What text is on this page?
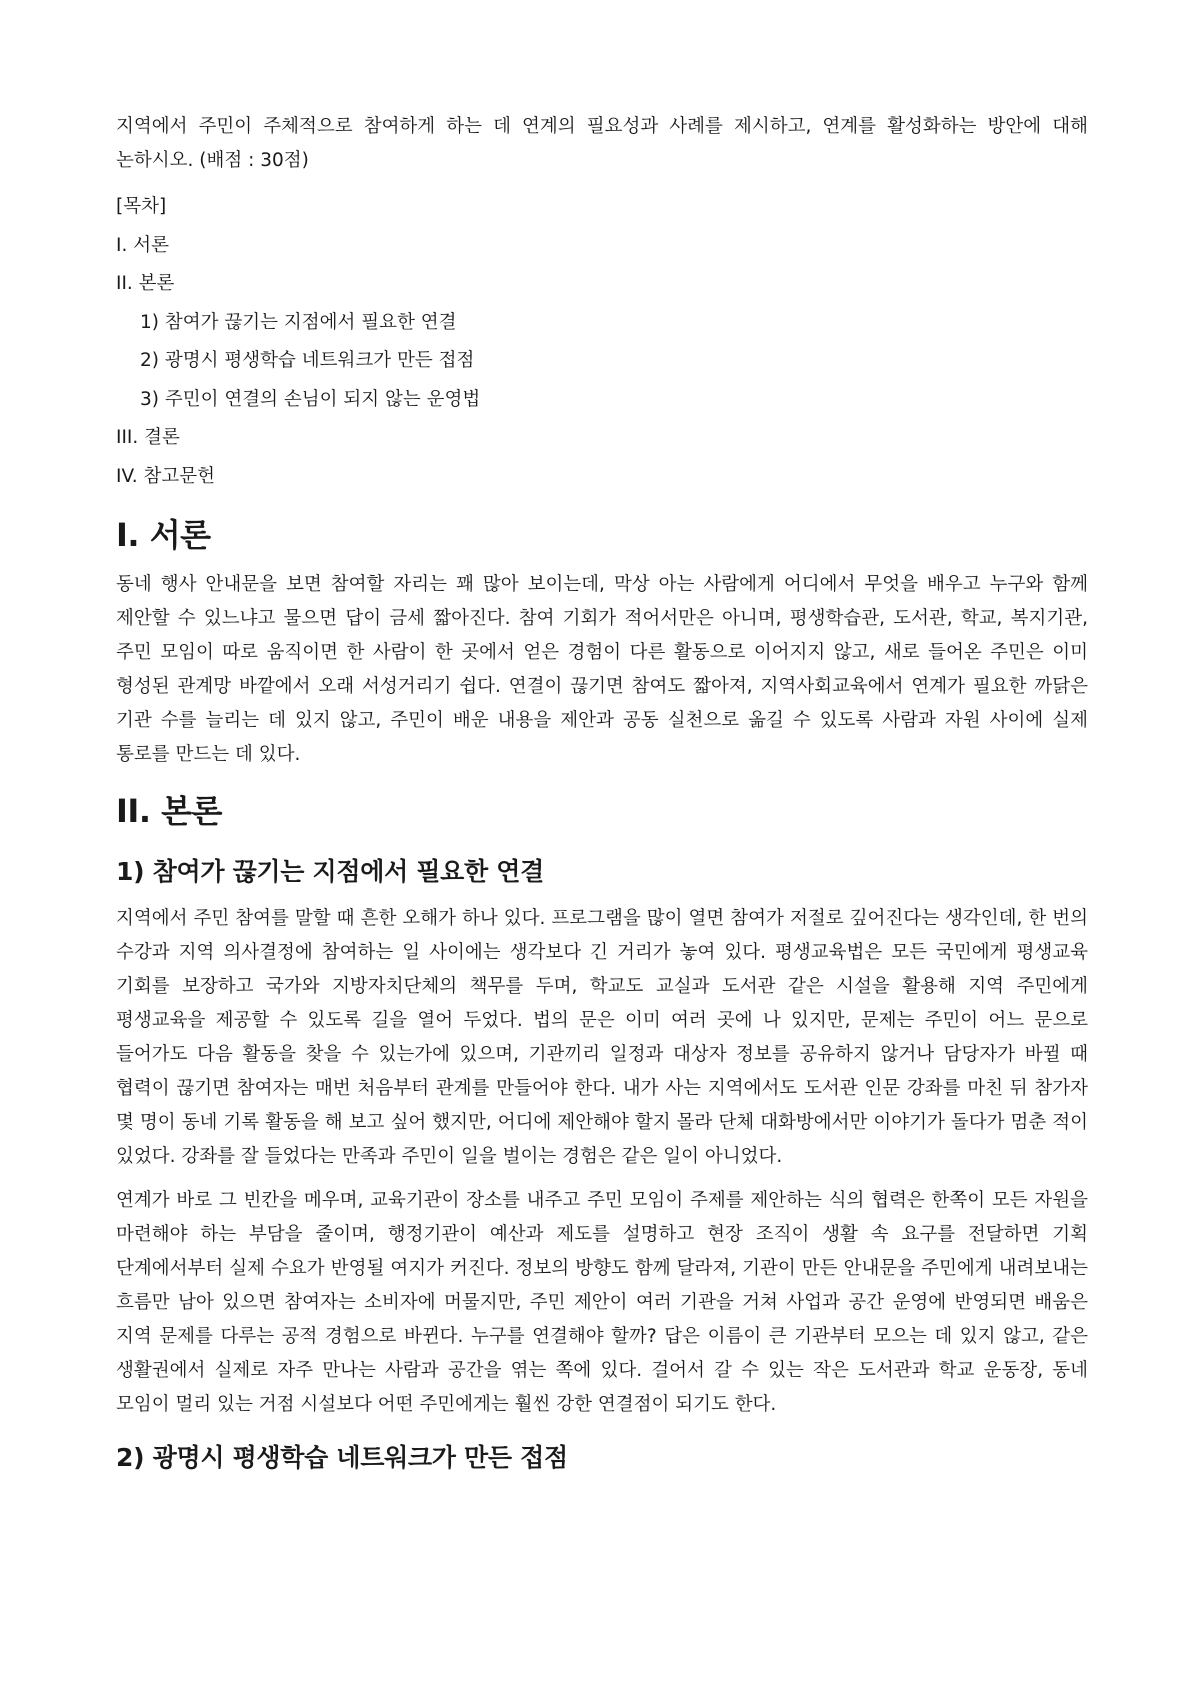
지역에서 주민이 주체적으로 참여하게 하는 데 연계의 필요성과 사례를 제시하고, 연계를 활성화하는 방안에 대해 논하시오. (배점 : 30점)

[목차]
I. 서론
II. 본론
1) 참여가 끊기는 지점에서 필요한 연결
2) 광명시 평생학습 네트워크가 만든 접점
3) 주민이 연결의 손님이 되지 않는 운영법
III. 결론
IV. 참고문헌
I. 서론

동네 행사 안내문을 보면 참여할 자리는 꽤 많아 보이는데, 막상 아는 사람에게 어디에서 무엇을 배우고 누구와 함께 제안할 수 있느냐고 물으면 답이 금세 짧아진다. 참여 기회가 적어서만은 아니며, 평생학습관, 도서관, 학교, 복지기관, 주민 모임이 따로 움직이면 한 사람이 한 곳에서 얻은 경험이 다른 활동으로 이어지지 않고, 새로 들어온 주민은 이미 형성된 관계망 바깥에서 오래 서성거리기 쉽다. 연결이 끊기면 참여도 짧아져, 지역사회교육에서 연계가 필요한 까닭은 기관 수를 늘리는 데 있지 않고, 주민이 배운 내용을 제안과 공동 실천으로 옮길 수 있도록 사람과 자원 사이에 실제 통로를 만드는 데 있다.

II. 본론
1) 참여가 끊기는 지점에서 필요한 연결

지역에서 주민 참여를 말할 때 흔한 오해가 하나 있다. 프로그램을 많이 열면 참여가 저절로 깊어진다는 생각인데, 한 번의 수강과 지역 의사결정에 참여하는 일 사이에는 생각보다 긴 거리가 놓여 있다. 평생교육법은 모든 국민에게 평생교육 기회를 보장하고 국가와 지방자치단체의 책무를 두며, 학교도 교실과 도서관 같은 시설을 활용해 지역 주민에게 평생교육을 제공할 수 있도록 길을 열어 두었다. 법의 문은 이미 여러 곳에 나 있지만, 문제는 주민이 어느 문으로 들어가도 다음 활동을 찾을 수 있는가에 있으며, 기관끼리 일정과 대상자 정보를 공유하지 않거나 담당자가 바뀔 때 협력이 끊기면 참여자는 매번 처음부터 관계를 만들어야 한다. 내가 사는 지역에서도 도서관 인문 강좌를 마친 뒤 참가자 몇 명이 동네 기록 활동을 해 보고 싶어 했지만, 어디에 제안해야 할지 몰라 단체 대화방에서만 이야기가 돌다가 멈춘 적이 있었다. 강좌를 잘 들었다는 만족과 주민이 일을 벌이는 경험은 같은 일이 아니었다.

연계가 바로 그 빈칸을 메우며, 교육기관이 장소를 내주고 주민 모임이 주제를 제안하는 식의 협력은 한쪽이 모든 자원을 마련해야 하는 부담을 줄이며, 행정기관이 예산과 제도를 설명하고 현장 조직이 생활 속 요구를 전달하면 기획 단계에서부터 실제 수요가 반영될 여지가 커진다. 정보의 방향도 함께 달라져, 기관이 만든 안내문을 주민에게 내려보내는 흐름만 남아 있으면 참여자는 소비자에 머물지만, 주민 제안이 여러 기관을 거쳐 사업과 공간 운영에 반영되면 배움은 지역 문제를 다루는 공적 경험으로 바뀐다. 누구를 연결해야 할까? 답은 이름이 큰 기관부터 모으는 데 있지 않고, 같은 생활권에서 실제로 자주 만나는 사람과 공간을 엮는 쪽에 있다. 걸어서 갈 수 있는 작은 도서관과 학교 운동장, 동네 모임이 멀리 있는 거점 시설보다 어떤 주민에게는 훨씬 강한 연결점이 되기도 한다.

2) 광명시 평생학습 네트워크가 만든 접점
